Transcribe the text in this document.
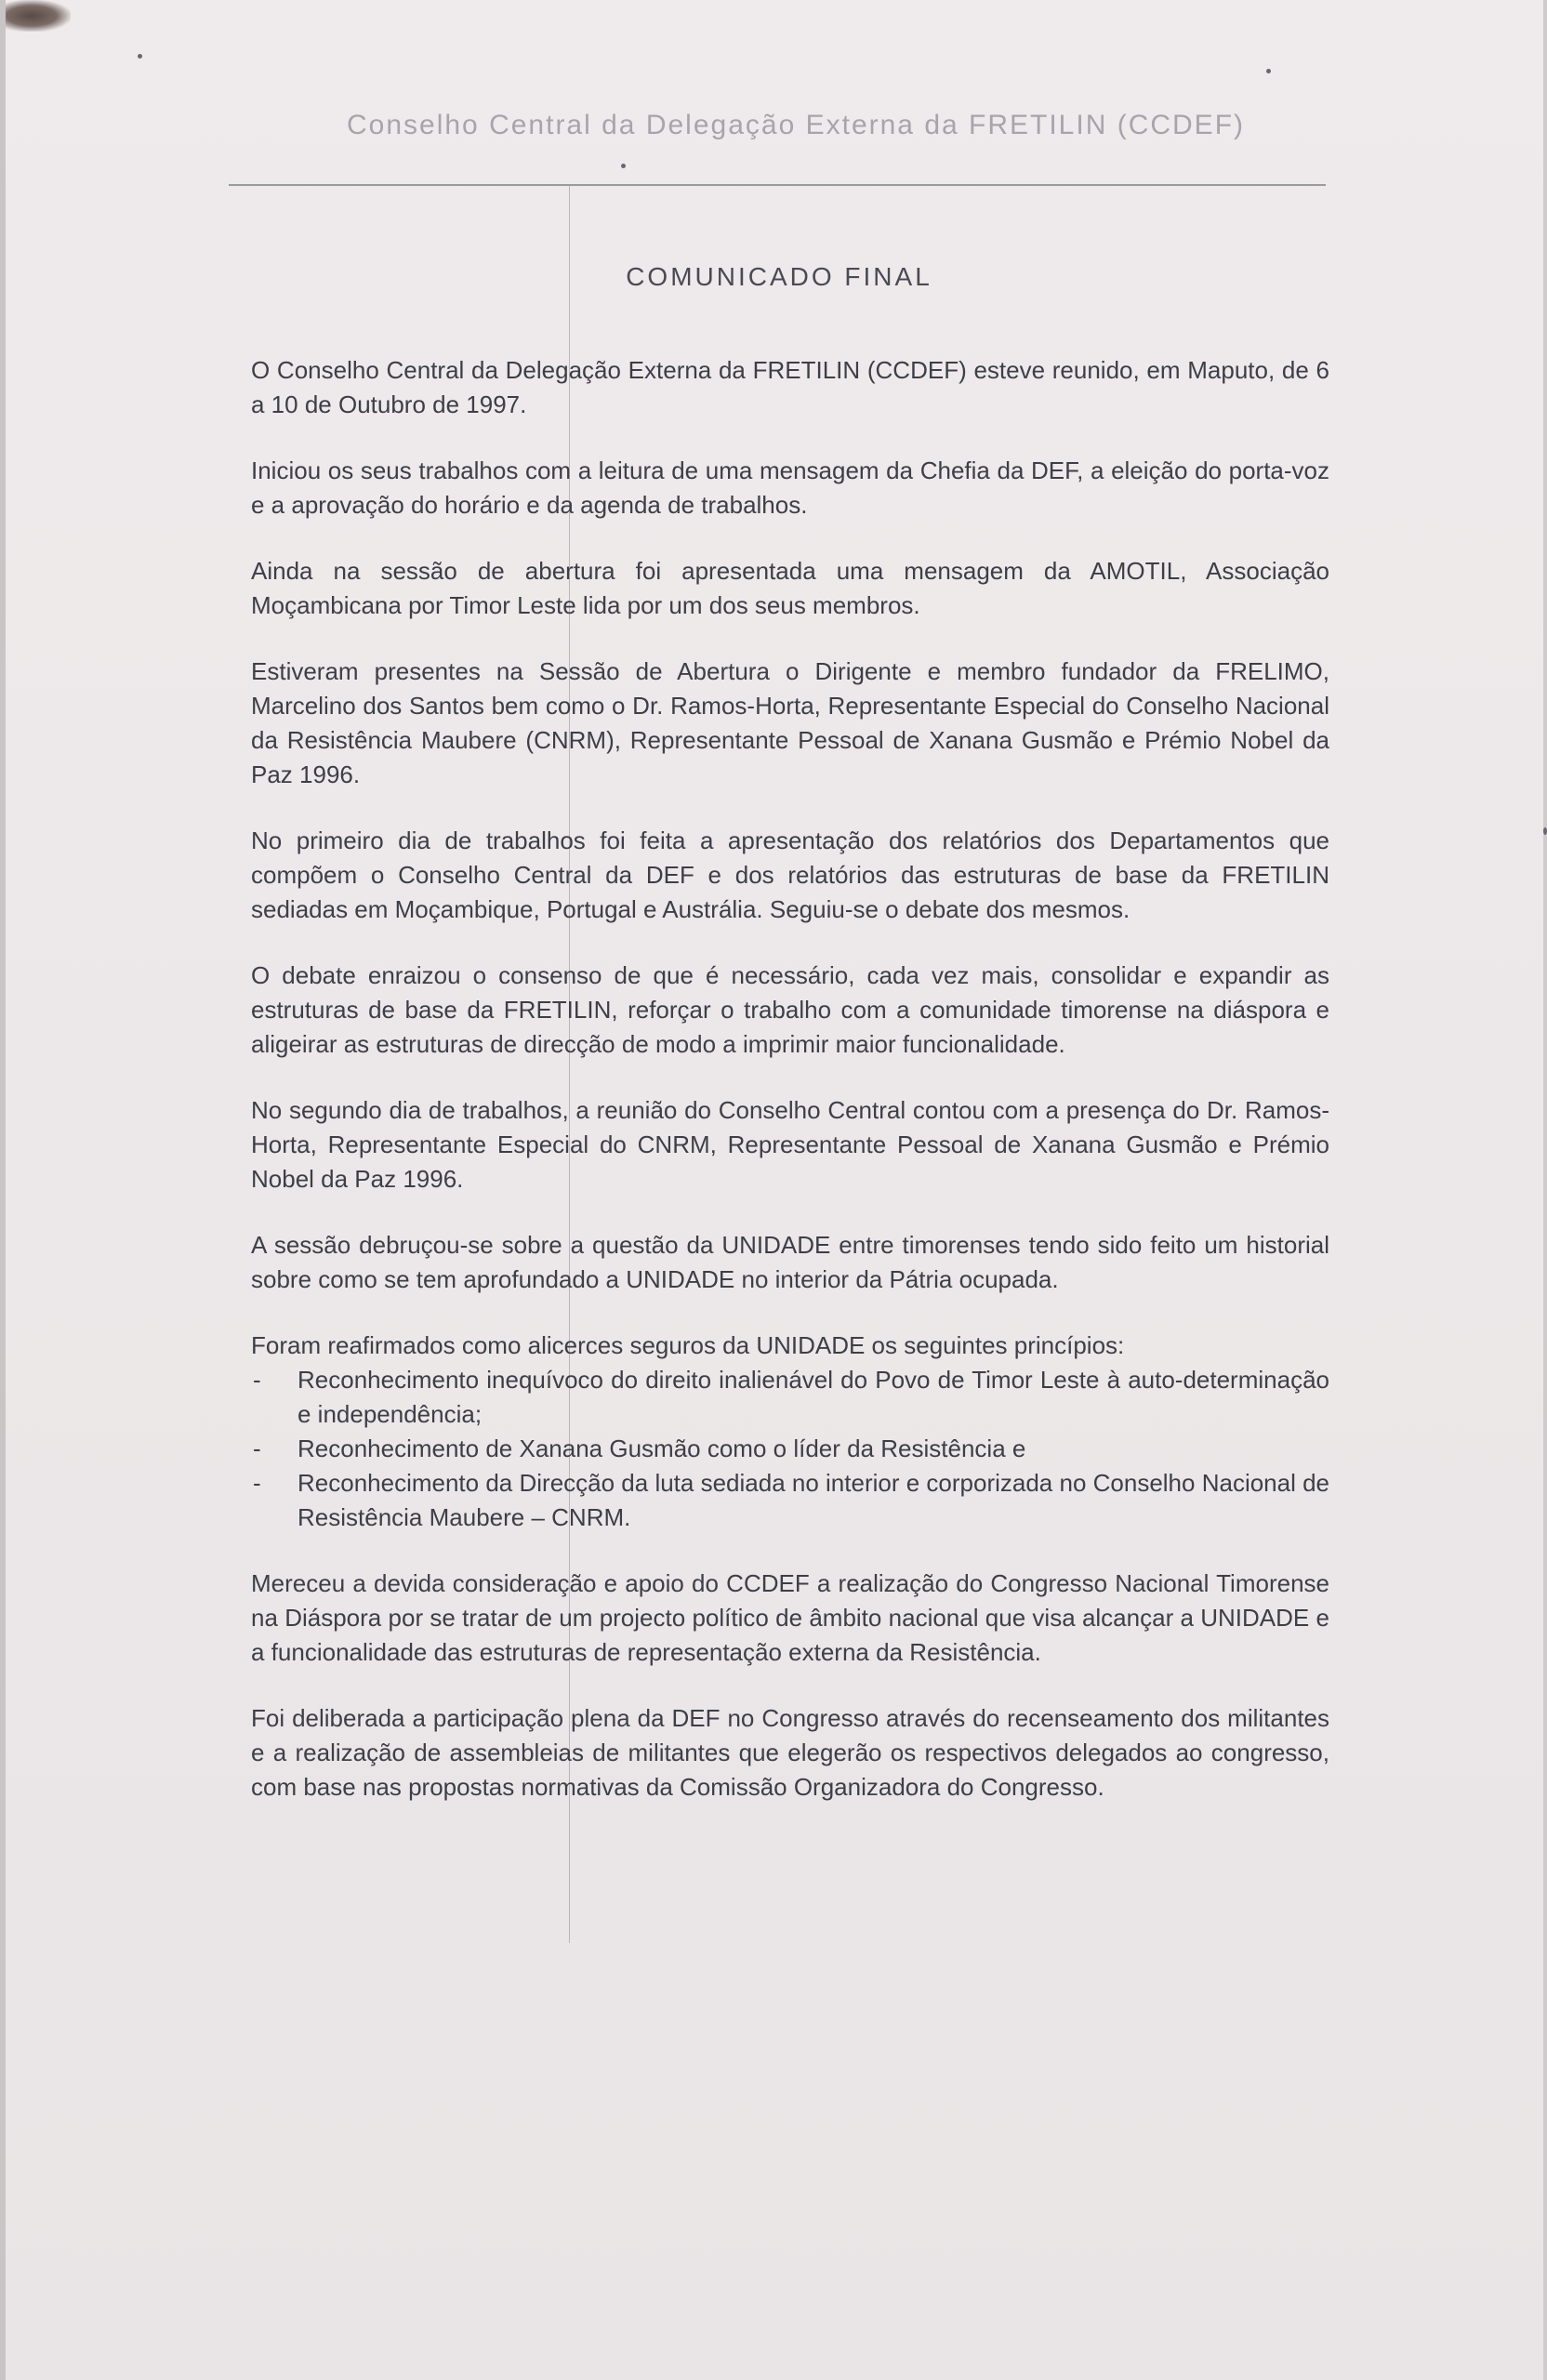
Conselho Central da Delegação Externa da FRETILIN (CCDEF)
COMUNICADO FINAL

O Conselho Central da Delegação Externa da FRETILIN (CCDEF) esteve reunido, em Maputo, de 6 a 10 de Outubro de 1997.

Iniciou os seus trabalhos com a leitura de uma mensagem da Chefia da DEF, a eleição do porta-voz e a aprovação do horário e da agenda de trabalhos.

Ainda na sessão de abertura foi apresentada uma mensagem da AMOTIL, Associação Moçambicana por Timor Leste lida por um dos seus membros.

Estiveram presentes na Sessão de Abertura o Dirigente e membro fundador da FRELIMO, Marcelino dos Santos bem como o Dr. Ramos-Horta, Representante Especial do Conselho Nacional da Resistência Maubere (CNRM), Representante Pessoal de Xanana Gusmão e Prémio Nobel da Paz 1996.

No primeiro dia de trabalhos foi feita a apresentação dos relatórios dos Departamentos que compõem o Conselho Central da DEF e dos relatórios das estruturas de base da FRETILIN sediadas em Moçambique, Portugal e Austrália. Seguiu-se o debate dos mesmos.

O debate enraizou o consenso de que é necessário, cada vez mais, consolidar e expandir as estruturas de base da FRETILIN, reforçar o trabalho com a comunidade timorense na diáspora e aligeirar as estruturas de direcção de modo a imprimir maior funcionalidade.

No segundo dia de trabalhos, a reunião do Conselho Central contou com a presença do Dr. Ramos-Horta, Representante Especial do CNRM, Representante Pessoal de Xanana Gusmão e Prémio Nobel da Paz 1996.

A sessão debruçou-se sobre a questão da UNIDADE entre timorenses tendo sido feito um historial sobre como se tem aprofundado a UNIDADE no interior da Pátria ocupada.

Foram reafirmados como alicerces seguros da UNIDADE os seguintes princípios:

- Reconhecimento inequívoco do direito inalienável do Povo de Timor Leste à auto-determinação e independência;
- Reconhecimento de Xanana Gusmão como o líder da Resistência e
- Reconhecimento da Direcção da luta sediada no interior e corporizada no Conselho Nacional de Resistência Maubere – CNRM.

Mereceu a devida consideração e apoio do CCDEF a realização do Congresso Nacional Timorense na Diáspora por se tratar de um projecto político de âmbito nacional que visa alcançar a UNIDADE e a funcionalidade das estruturas de representação externa da Resistência.

Foi deliberada a participação plena da DEF no Congresso através do recenseamento dos militantes e a realização de assembleias de militantes que elegerão os respectivos delegados ao congresso, com base nas propostas normativas da Comissão Organizadora do Congresso.
